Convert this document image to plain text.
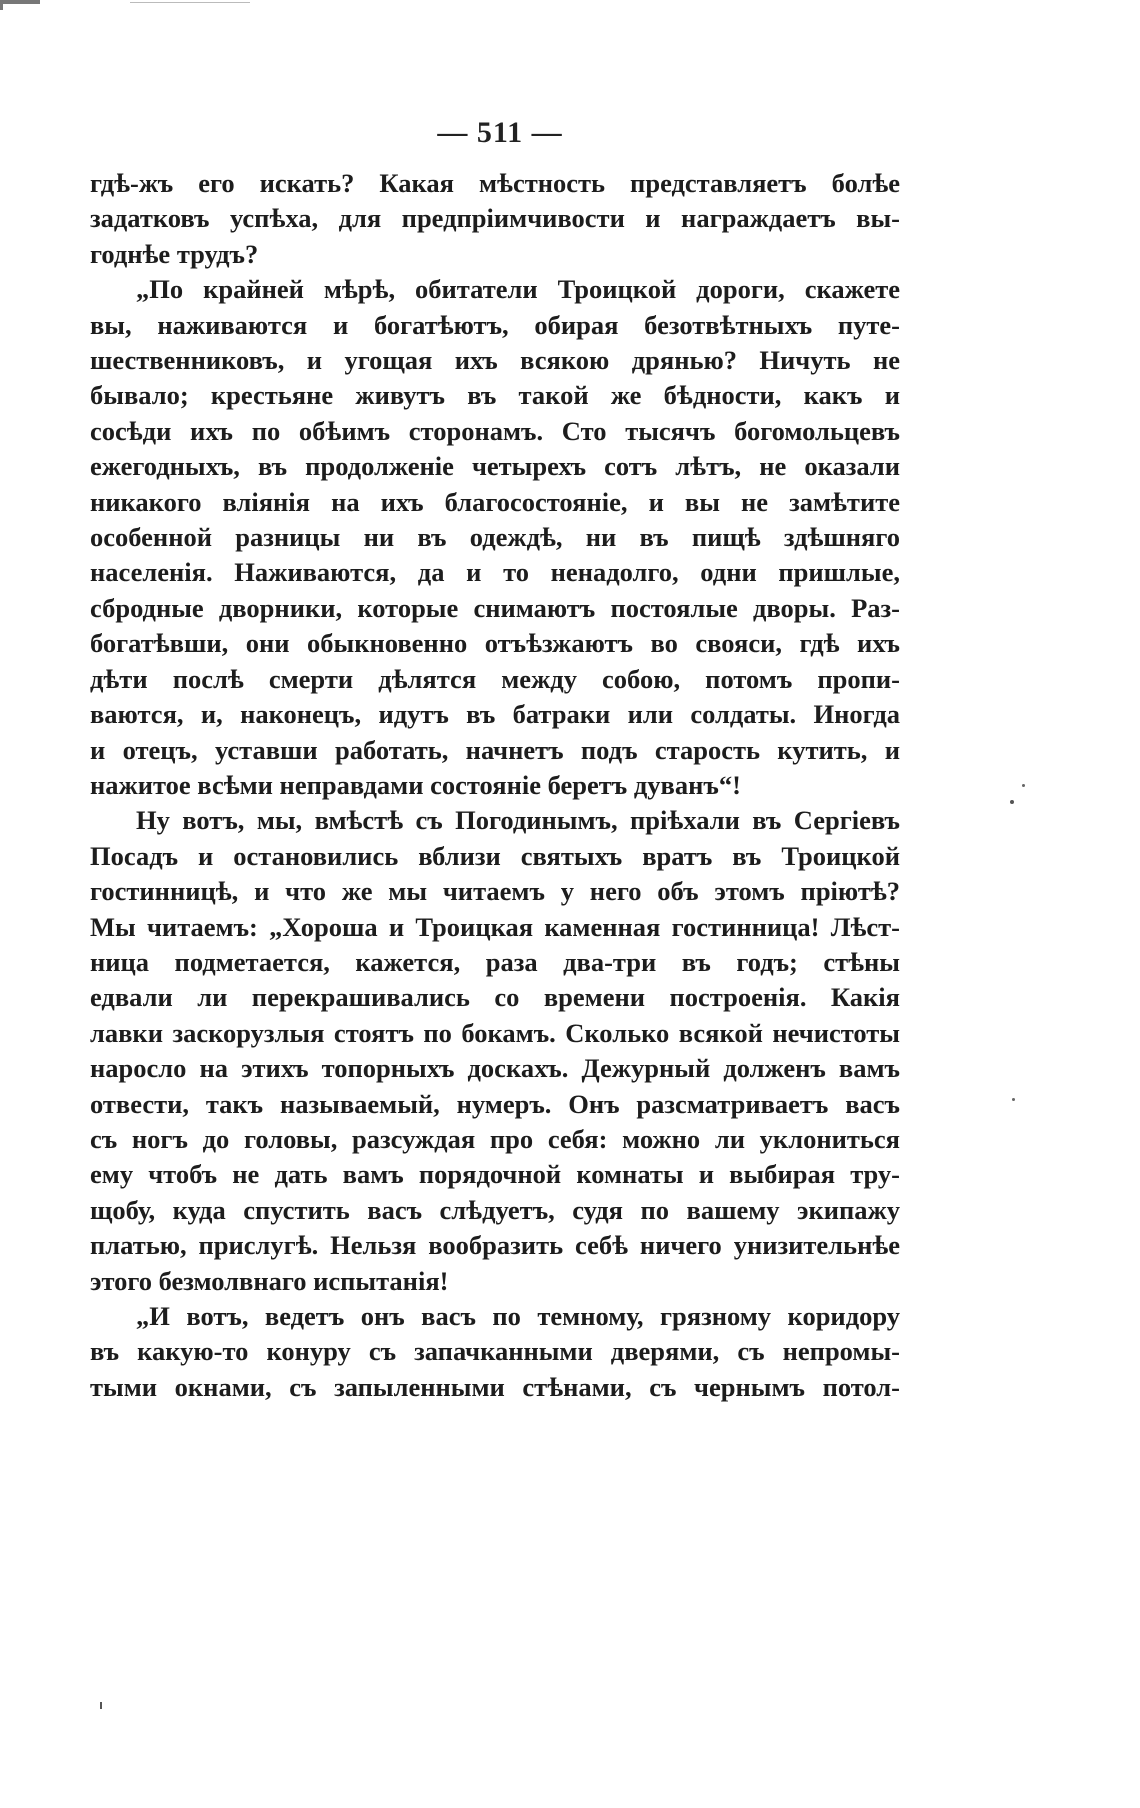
— 511 —

гдѣ-жъ его искать? Какая мѣстность представляетъ болѣе
задатковъ успѣха, для предпріимчивости и награждаетъ вы-
годнѣе трудъ?

„По крайней мѣрѣ, обитатели Троицкой дороги, скажете
вы, наживаются и богатѣютъ, обирая безотвѣтныхъ путе-
шественниковъ, и угощая ихъ всякою дрянью? Ничуть не
бывало; крестьяне живутъ въ такой же бѣдности, какъ и
сосѣди ихъ по обѣимъ сторонамъ. Сто тысячъ богомольцевъ
ежегодныхъ, въ продолженіе четырехъ сотъ лѣтъ, не оказали
никакого вліянія на ихъ благосостояніе, и вы не замѣтите
особенной разницы ни въ одеждѣ, ни въ пищѣ здѣшняго
населенія. Наживаются, да и то ненадолго, одни пришлые,
сбродные дворники, которые снимаютъ постоялые дворы. Раз-
богатѣвши, они обыкновенно отъѣзжаютъ во свояси, гдѣ ихъ
дѣти послѣ смерти дѣлятся между собою, потомъ пропи-
ваются, и, наконецъ, идутъ въ батраки или солдаты. Иногда
и отецъ, уставши работать, начнетъ подъ старость кутить, и
нажитое всѣми неправдами состояніе беретъ дуванъ“!

Ну вотъ, мы, вмѣстѣ съ Погодинымъ, пріѣхали въ Сергіевъ
Посадъ и остановились вблизи святыхъ вратъ въ Троицкой
гостинницѣ, и что же мы читаемъ у него объ этомъ пріютѣ?
Мы читаемъ: „Хороша и Троицкая каменная гостинница! Лѣст-
ница подметается, кажется, раза два-три въ годъ; стѣны
едвали ли перекрашивались со времени построенія. Какія
лавки заскорузлыя стоятъ по бокамъ. Сколько всякой нечистоты
наросло на этихъ топорныхъ доскахъ. Дежурный долженъ вамъ
отвести, такъ называемый, нумеръ. Онъ разсматриваетъ васъ
съ ногъ до головы, разсуждая про себя: можно ли уклониться
ему чтобъ не дать вамъ порядочной комнаты и выбирая тру-
щобу, куда спустить васъ слѣдуетъ, судя по вашему экипажу
платью, прислугѣ. Нельзя вообразить себѣ ничего унизительнѣе
этого безмолвнаго испытанія!

„И вотъ, ведетъ онъ васъ по темному, грязному коридору
въ какую-то конуру съ запачканными дверями, съ непромы-
тыми окнами, съ запыленными стѣнами, съ чернымъ потол-
